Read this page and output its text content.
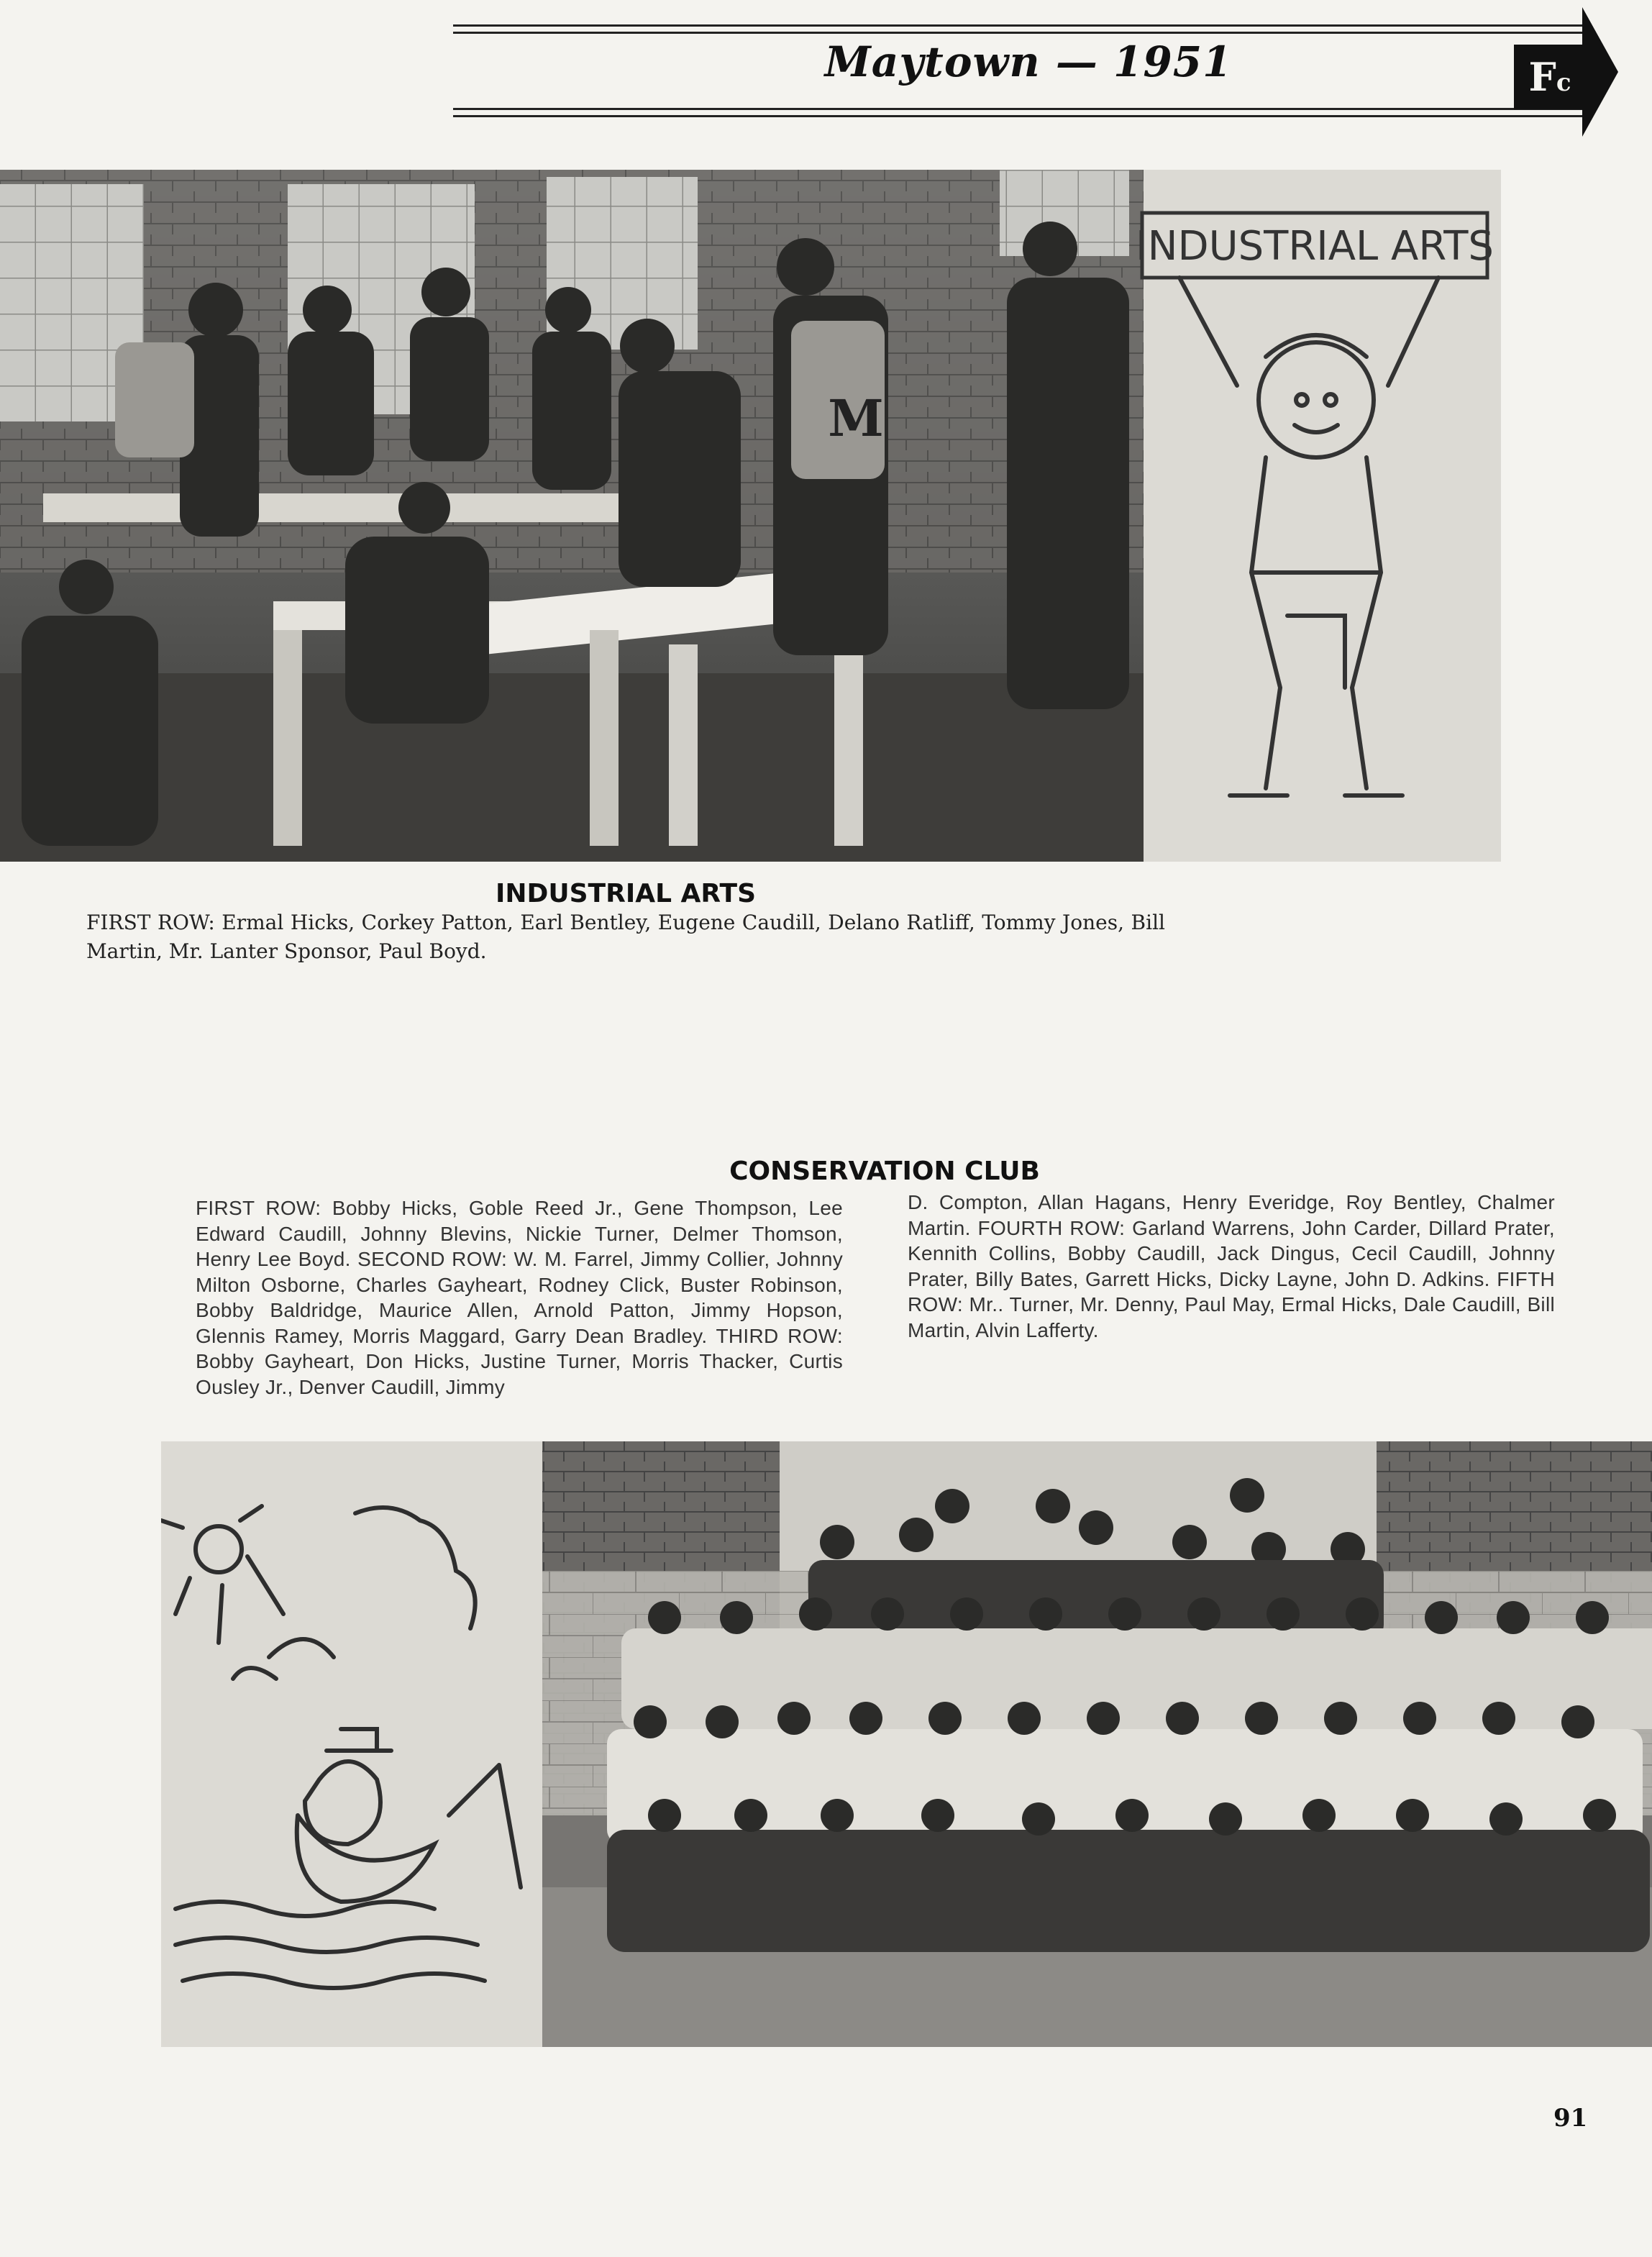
Maytown — 1951	Fc
M
INDUSTRIAL ARTS
INDUSTRIAL ARTS

FIRST ROW: Ermal Hicks, Corkey Patton, Earl Bentley, Eugene Caudill, Delano Ratliff, Tommy Jones, Bill Martin, Mr. Lanter Sponsor, Paul Boyd.

CONSERVATION CLUB

FIRST ROW: Bobby Hicks, Goble Reed Jr., Gene Thompson, Lee Edward Caudill, Johnny Blevins, Nickie Turner, Delmer Thomson, Henry Lee Boyd. SECOND ROW: W. M. Farrel, Jimmy Collier, Johnny Milton Osborne, Charles Gayheart, Rodney Click, Buster Robinson, Bobby Baldridge, Maurice Allen, Arnold Patton, Jimmy Hopson, Glennis Ramey, Morris Maggard, Garry Dean Bradley. THIRD ROW: Bobby Gayheart, Don Hicks, Justine Turner, Morris Thacker, Curtis Ousley Jr., Denver Caudill, Jimmy

D. Compton, Allan Hagans, Henry Everidge, Roy Bentley, Chalmer Martin. FOURTH ROW: Garland Warrens, John Carder, Dillard Prater, Kennith Collins, Bobby Caudill, Jack Dingus, Cecil Caudill, Johnny Prater, Billy Bates, Garrett Hicks, Dicky Layne, John D. Adkins. FIFTH ROW: Mr.. Turner, Mr. Denny, Paul May, Ermal Hicks, Dale Caudill, Bill Martin, Alvin Lafferty.

91
